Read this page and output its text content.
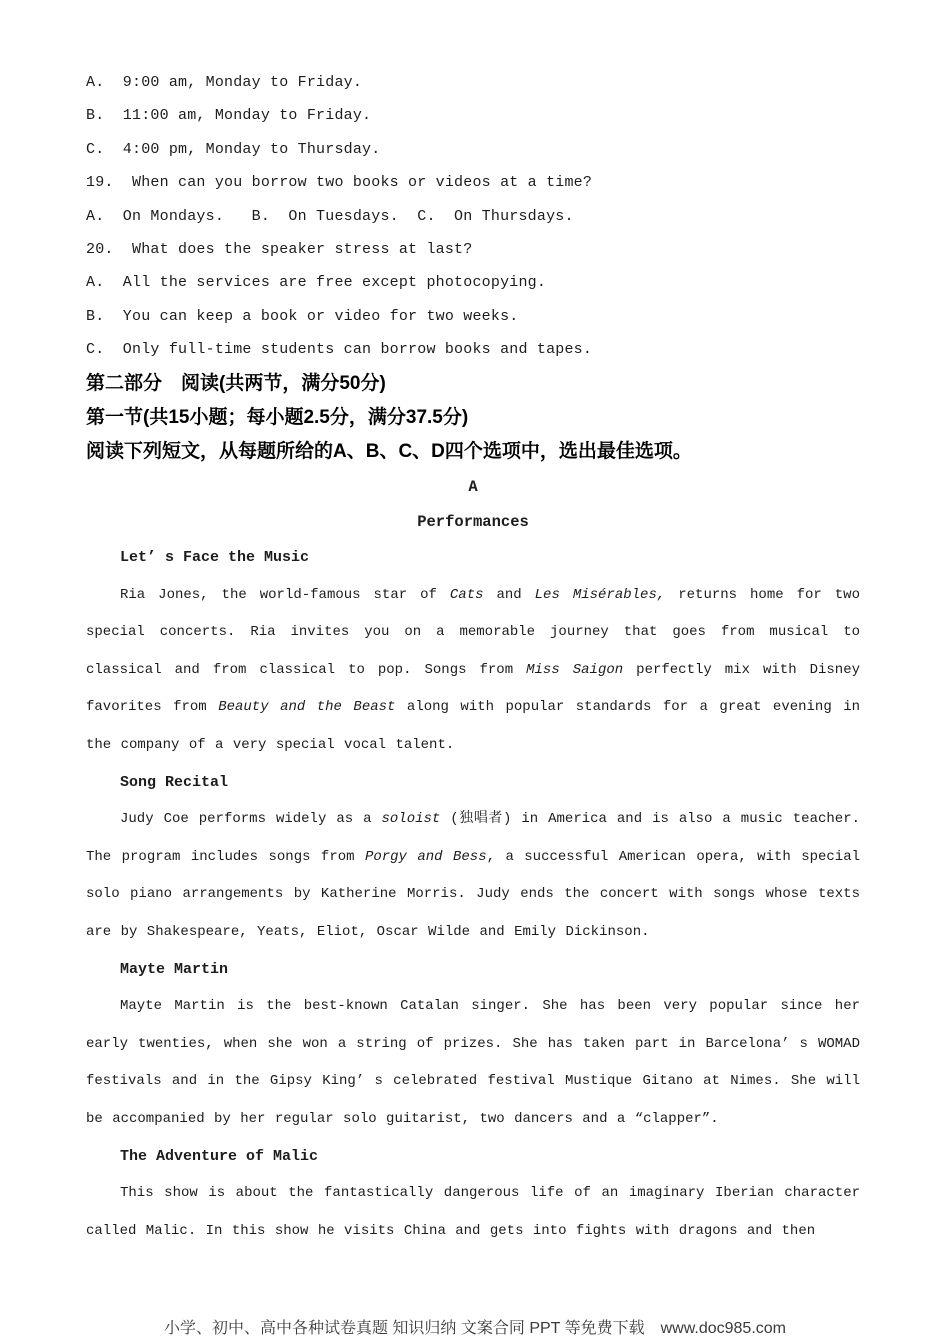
A.  9:00 am, Monday to Friday.
B.  11:00 am, Monday to Friday.
C.  4:00 pm, Monday to Thursday.
19.  When can you borrow two books or videos at a time?
A.  On Mondays.   B.  On Tuesdays.  C.  On Thursdays.
20.  What does the speaker stress at last?
A.  All the services are free except photocopying.
B.  You can keep a book or video for two weeks.
C.  Only full-time students can borrow books and tapes.
第二部分　阅读(共两节，满分50分)
第一节(共15小题；每小题2.5分，满分37.5分)
阅读下列短文，从每题所给的A、B、C、D四个选项中，选出最佳选项。
A
Performances
Let’ s Face the Music

Ria Jones, the world-famous star of Cats and Les Misérables, returns home for two special concerts. Ria invites you on a memorable journey that goes from musical to classical and from classical to pop. Songs from Miss Saigon perfectly mix with Disney favorites from Beauty and the Beast along with popular standards for a great evening in the company of a very special vocal talent.

Song Recital

Judy Coe performs widely as a soloist (独唱者) in America and is also a music teacher. The program includes songs from Porgy and Bess, a successful American opera, with special solo piano arrangements by Katherine Morris. Judy ends the concert with songs whose texts are by Shakespeare, Yeats, Eliot, Oscar Wilde and Emily Dickinson.

Mayte Martin

Mayte Martin is the best-known Catalan singer. She has been very popular since her early twenties, when she won a string of prizes. She has taken part in Barcelona’ s WOMAD festivals and in the Gipsy King’ s celebrated festival Mustique Gitano at Nimes. She will be accompanied by her regular solo guitarist, two dancers and a “clapper”.

The Adventure of Malic

This show is about the fantastically dangerous life of an imaginary Iberian character called Malic. In this show he visits China and gets into fights with dragons and then

小学、初中、高中各种试卷真题 知识归纳 文案合同 PPT 等免费下载　www.doc985.com
